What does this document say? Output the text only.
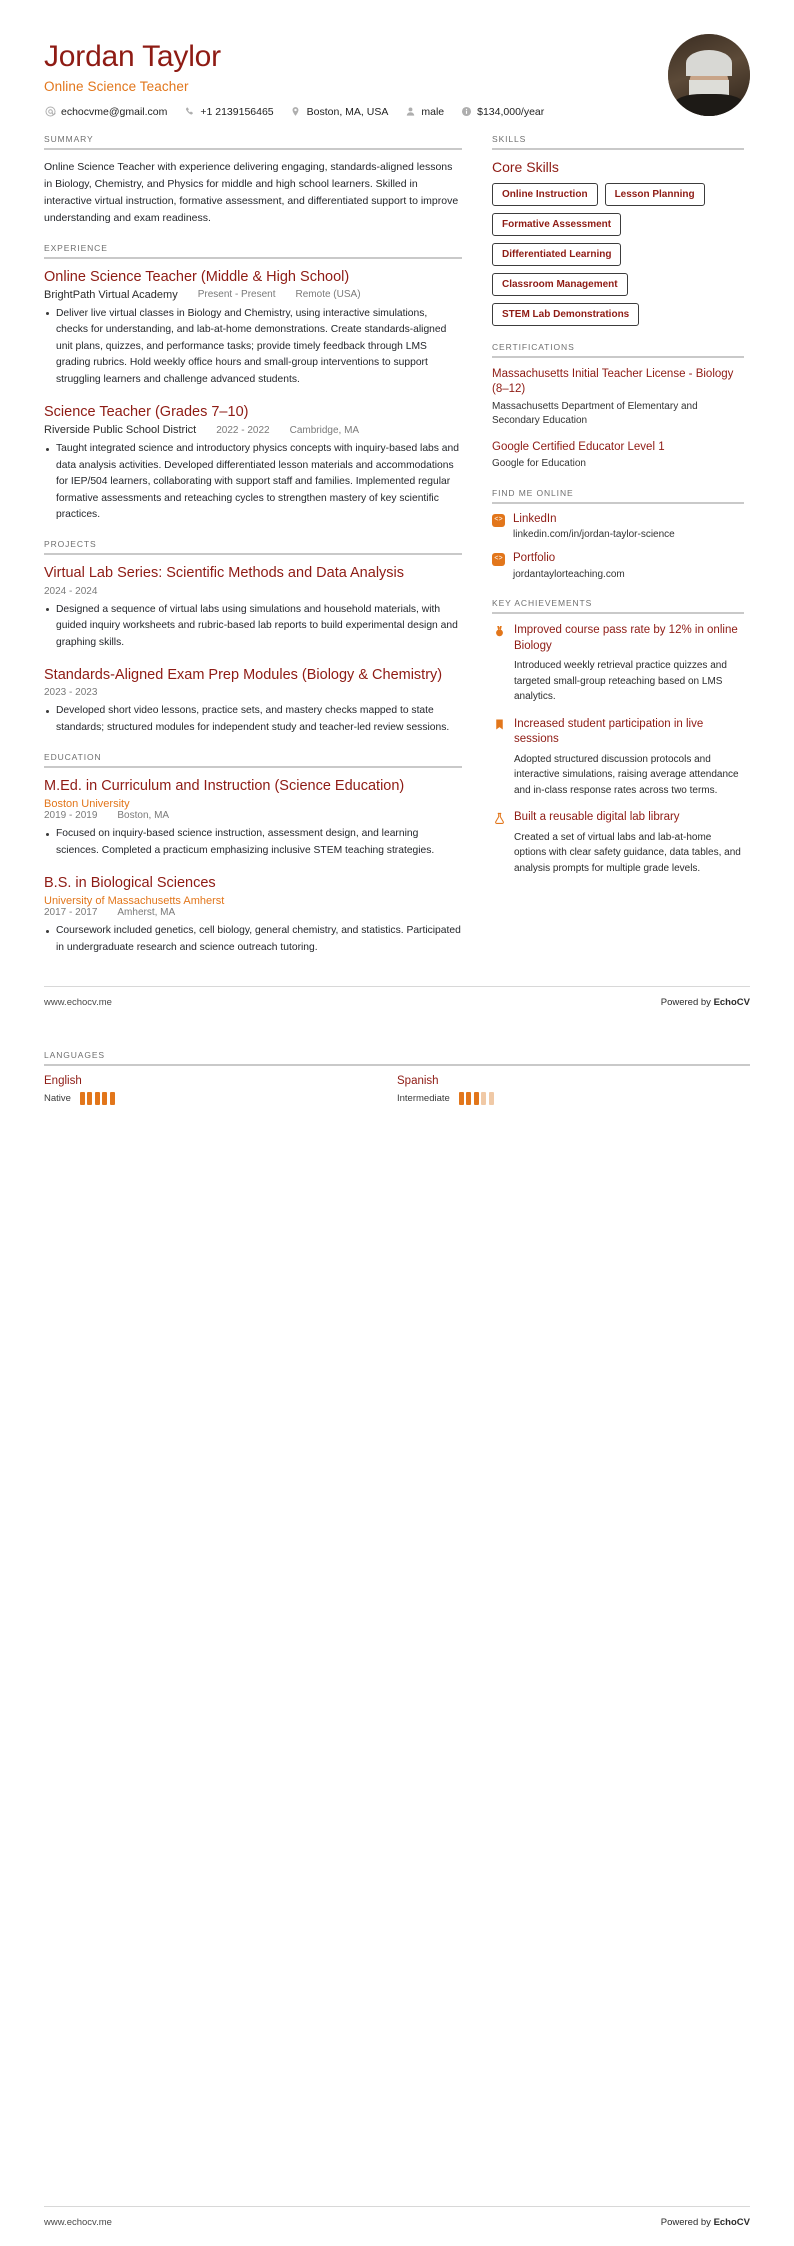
Jordan Taylor
Online Science Teacher
echocvme@gmail.com	+1 2139156465	Boston, MA, USA	male	$134,000/year
SUMMARY
Online Science Teacher with experience delivering engaging, standards-aligned lessons in Biology, Chemistry, and Physics for middle and high school learners. Skilled in interactive virtual instruction, formative assessment, and differentiated support to improve understanding and exam readiness.
EXPERIENCE
Online Science Teacher (Middle & High School)
BrightPath Virtual Academy Present - Present Remote (USA)
Deliver live virtual classes in Biology and Chemistry, using interactive simulations, checks for understanding, and lab-at-home demonstrations. Create standards-aligned unit plans, quizzes, and performance tasks; provide timely feedback through LMS grading rubrics. Hold weekly office hours and small-group interventions to support struggling learners and challenge advanced students.
Science Teacher (Grades 7–10)
Riverside Public School District 2022 - 2022 Cambridge, MA
Taught integrated science and introductory physics concepts with inquiry-based labs and data analysis activities. Developed differentiated lesson materials and accommodations for IEP/504 learners, collaborating with support staff and families. Implemented regular formative assessments and reteaching cycles to strengthen mastery of key scientific practices.
PROJECTS
Virtual Lab Series: Scientific Methods and Data Analysis
2024 - 2024
Designed a sequence of virtual labs using simulations and household materials, with guided inquiry worksheets and rubric-based lab reports to build experimental design and graphing skills.
Standards-Aligned Exam Prep Modules (Biology & Chemistry)
2023 - 2023
Developed short video lessons, practice sets, and mastery checks mapped to state standards; structured modules for independent study and teacher-led review sessions.
EDUCATION
M.Ed. in Curriculum and Instruction (Science Education)
Boston University
2019 - 2019 Boston, MA
Focused on inquiry-based science instruction, assessment design, and learning sciences. Completed a practicum emphasizing inclusive STEM teaching strategies.
B.S. in Biological Sciences
University of Massachusetts Amherst
2017 - 2017 Amherst, MA
Coursework included genetics, cell biology, general chemistry, and statistics. Participated in undergraduate research and science outreach tutoring.
SKILLS
Core Skills
Online Instruction	Lesson Planning
Formative Assessment
Differentiated Learning
Classroom Management
STEM Lab Demonstrations
CERTIFICATIONS
Massachusetts Initial Teacher License - Biology (8–12)
Massachusetts Department of Elementary and Secondary Education
Google Certified Educator Level 1
Google for Education
FIND ME ONLINE
<> LinkedIn
linkedin.com/in/jordan-taylor-science
<> Portfolio
jordantaylorteaching.com
KEY ACHIEVEMENTS
Improved course pass rate by 12% in online Biology
Introduced weekly retrieval practice quizzes and targeted small-group reteaching based on LMS analytics.
Increased student participation in live sessions
Adopted structured discussion protocols and interactive simulations, raising average attendance and in-class response rates across two terms.
Built a reusable digital lab library
Created a set of virtual labs and lab-at-home options with clear safety guidance, data tables, and analysis prompts for multiple grade levels.
www.echocv.me	Powered by EchoCV
LANGUAGES
English
Native
Spanish
Intermediate
www.echocv.me	Powered by EchoCV
